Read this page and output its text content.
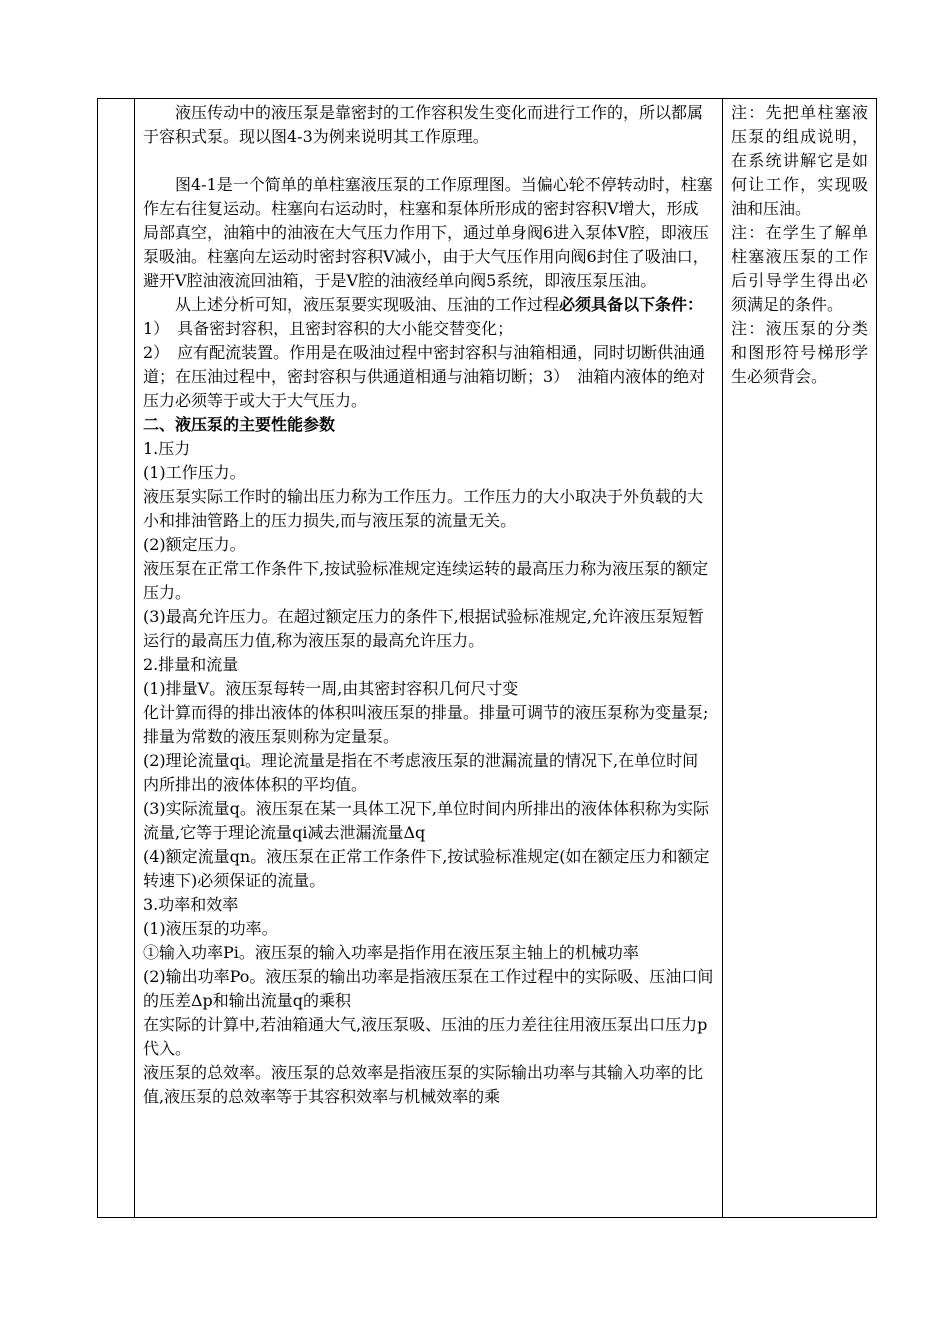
液压传动中的液压泵是靠密封的工作容积发生变化而进行工作的，所以都属于容积式泵。现以图4-3为例来说明其工作原理。

图4-1是一个简单的单柱塞液压泵的工作原理图。当偏心轮不停转动时，柱塞作左右往复运动。柱塞向右运动时，柱塞和泵体所形成的密封容积V增大，形成局部真空，油箱中的油液在大气压力作用下，通过单身阀6进入泵体V腔，即液压泵吸油。柱塞向左运动时密封容积V减小，由于大气压作用向阀6封住了吸油口，避开V腔油液流回油箱，于是V腔的油液经单向阀5系统，即液压泵压油。

从上述分析可知，液压泵要实现吸油、压油的工作过程必须具备以下条件：

1）　具备密封容积，且密封容积的大小能交替变化；

2）　应有配流装置。作用是在吸油过程中密封容积与油箱相通，同时切断供油通道；在压油过程中，密封容积与供通道相通与油箱切断；3）　油箱内液体的绝对压力必须等于或大于大气压力。

二、液压泵的主要性能参数

1.压力

(1)工作压力。

液压泵实际工作时的输出压力称为工作压力。工作压力的大小取决于外负载的大小和排油管路上的压力损失,而与液压泵的流量无关。

(2)额定压力。

液压泵在正常工作条件下,按试验标准规定连续运转的最高压力称为液压泵的额定压力。

(3)最高允许压力。在超过额定压力的条件下,根据试验标准规定,允许液压泵短暂运行的最高压力值,称为液压泵的最高允许压力。

2.排量和流量

(1)排量V。液压泵每转一周,由其密封容积几何尺寸变

化计算而得的排出液体的体积叫液压泵的排量。排量可调节的液压泵称为变量泵;排量为常数的液压泵则称为定量泵。

(2)理论流量qi。理论流量是指在不考虑液压泵的泄漏流量的情况下,在单位时间内所排出的液体体积的平均值。

(3)实际流量q。液压泵在某一具体工况下,单位时间内所排出的液体体积称为实际流量,它等于理论流量qi减去泄漏流量Δq

(4)额定流量qn。液压泵在正常工作条件下,按试验标准规定(如在额定压力和额定转速下)必须保证的流量。

3.功率和效率

(1)液压泵的功率。

①输入功率Pi。液压泵的输入功率是指作用在液压泵主轴上的机械功率

(2)输出功率Po。液压泵的输出功率是指液压泵在工作过程中的实际吸、压油口间的压差Δp和输出流量q的乘积

在实际的计算中,若油箱通大气,液压泵吸、压油的压力差往往用液压泵出口压力p代入。

液压泵的总效率。液压泵的总效率是指液压泵的实际输出功率与其输入功率的比值,液压泵的总效率等于其容积效率与机械效率的乘

注：先把单柱塞液压泵的组成说明，在系统讲解它是如何让工作，实现吸油和压油。

注：在学生了解单柱塞液压泵的工作后引导学生得出必须满足的条件。

注：液压泵的分类和图形符号梯形学生必须背会。
